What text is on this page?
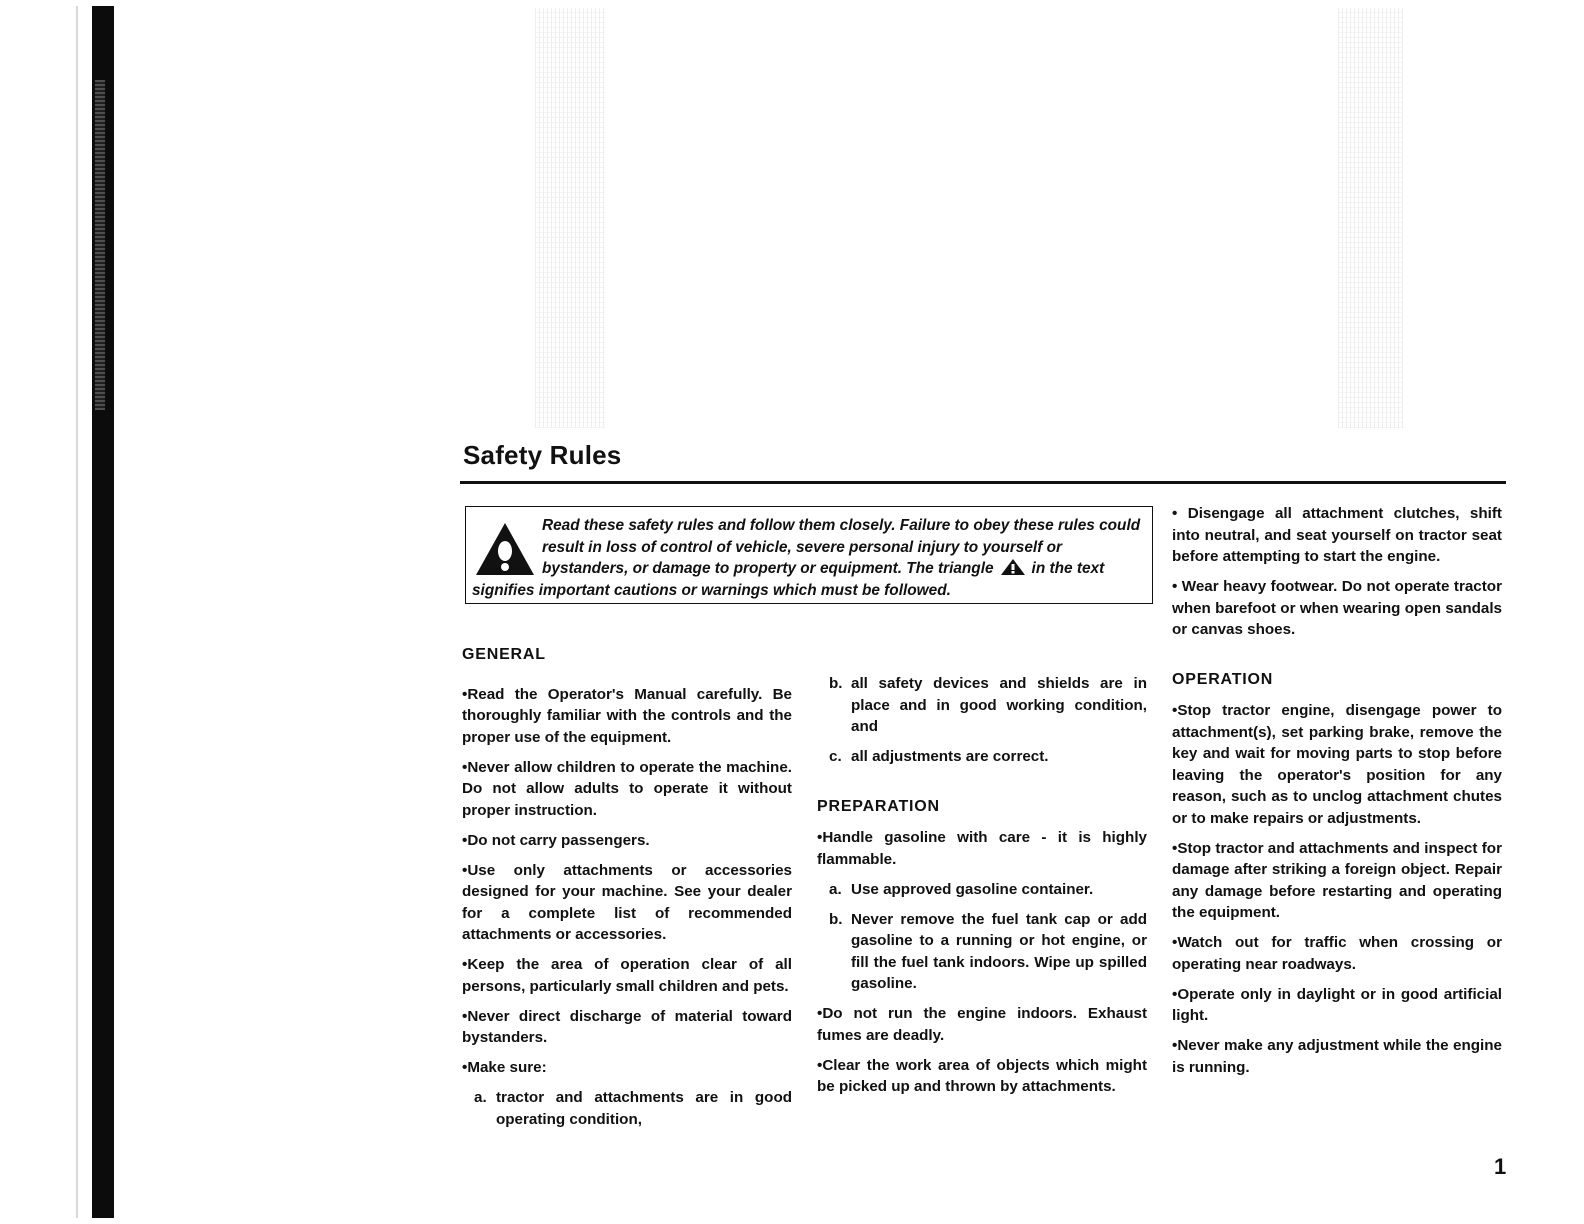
Safety Rules
Read these safety rules and follow them closely. Failure to obey these rules could result in loss of control of vehicle, severe personal injury to yourself or bystanders, or damage to property or equipment. The triangle in the text signifies important cautions or warnings which must be followed.
GENERAL

•Read the Operator's Manual carefully. Be thoroughly familiar with the controls and the proper use of the equipment.

•Never allow children to operate the machine. Do not allow adults to operate it without proper instruction.

•Do not carry passengers.

•Use only attachments or accessories designed for your machine. See your dealer for a complete list of recommended attachments or accessories.

•Keep the area of operation clear of all persons, particularly small children and pets.

•Never direct discharge of material toward bystanders.

•Make sure:

a. tractor and attachments are in good operating condition,
b. all safety devices and shields are in place and in good working condition, and
c. all adjustments are correct.
PREPARATION

•Handle gasoline with care - it is highly flammable.

a. Use approved gasoline container.
b. Never remove the fuel tank cap or add gasoline to a running or hot engine, or fill the fuel tank indoors. Wipe up spilled gasoline.

•Do not run the engine indoors. Exhaust fumes are deadly.

•Clear the work area of objects which might be picked up and thrown by attachments.

• Disengage all attachment clutches, shift into neutral, and seat yourself on tractor seat before attempting to start the engine.

• Wear heavy footwear. Do not operate tractor when barefoot or when wearing open sandals or canvas shoes.

OPERATION

•Stop tractor engine, disengage power to attachment(s), set parking brake, remove the key and wait for moving parts to stop before leaving the operator's position for any reason, such as to unclog attachment chutes or to make repairs or adjustments.

•Stop tractor and attachments and inspect for damage after striking a foreign object. Repair any damage before restarting and operating the equipment.

•Watch out for traffic when crossing or operating near roadways.

•Operate only in daylight or in good artificial light.

•Never make any adjustment while the engine is running.

1
